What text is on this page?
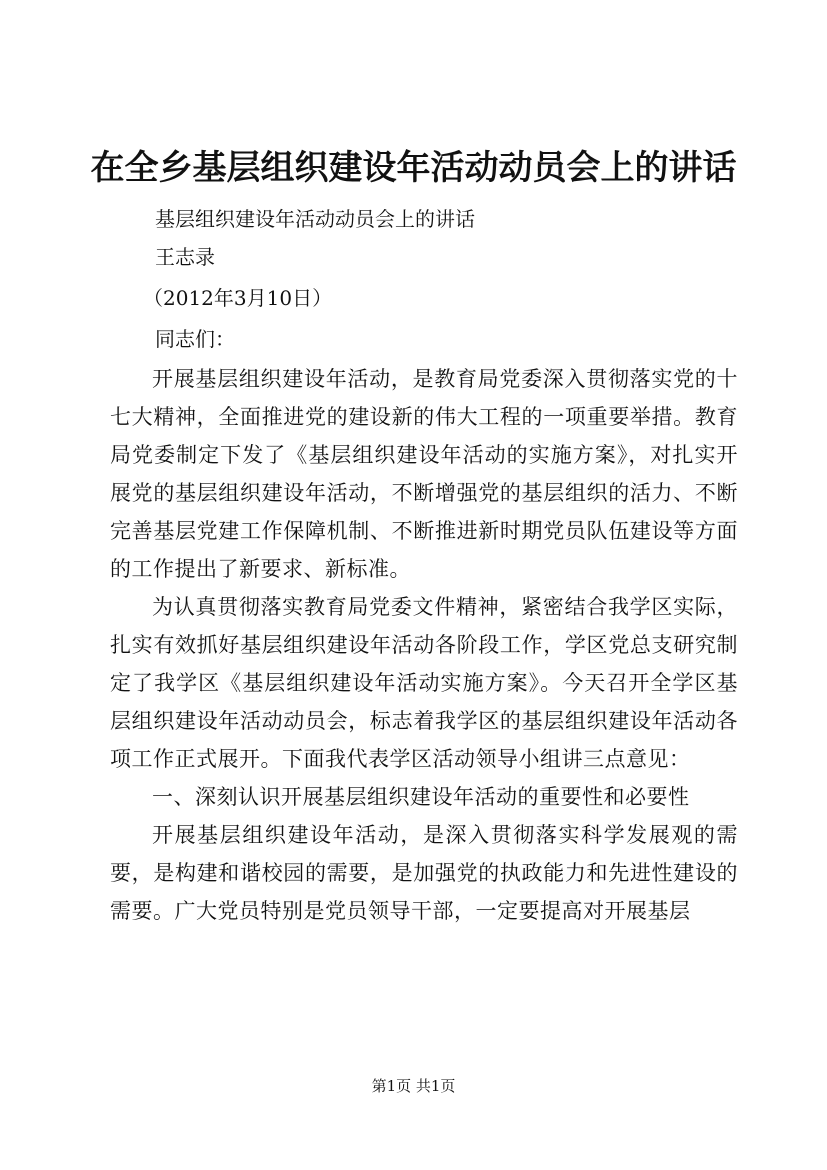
在全乡基层组织建设年活动动员会上的讲话
基层组织建设年活动动员会上的讲话
王志录
（2012年3月10日）
同志们：

开展基层组织建设年活动，是教育局党委深入贯彻落实党的十七大精神，全面推进党的建设新的伟大工程的一项重要举措。教育局党委制定下发了《基层组织建设年活动的实施方案》，对扎实开展党的基层组织建设年活动，不断增强党的基层组织的活力、不断完善基层党建工作保障机制、不断推进新时期党员队伍建设等方面的工作提出了新要求、新标准。

为认真贯彻落实教育局党委文件精神，紧密结合我学区实际，扎实有效抓好基层组织建设年活动各阶段工作，学区党总支研究制定了我学区《基层组织建设年活动实施方案》。今天召开全学区基层组织建设年活动动员会，标志着我学区的基层组织建设年活动各项工作正式展开。下面我代表学区活动领导小组讲三点意见：

一、深刻认识开展基层组织建设年活动的重要性和必要性

开展基层组织建设年活动，是深入贯彻落实科学发展观的需要，是构建和谐校园的需要，是加强党的执政能力和先进性建设的需要。广大党员特别是党员领导干部，一定要提高对开展基层

第1页 共1页
